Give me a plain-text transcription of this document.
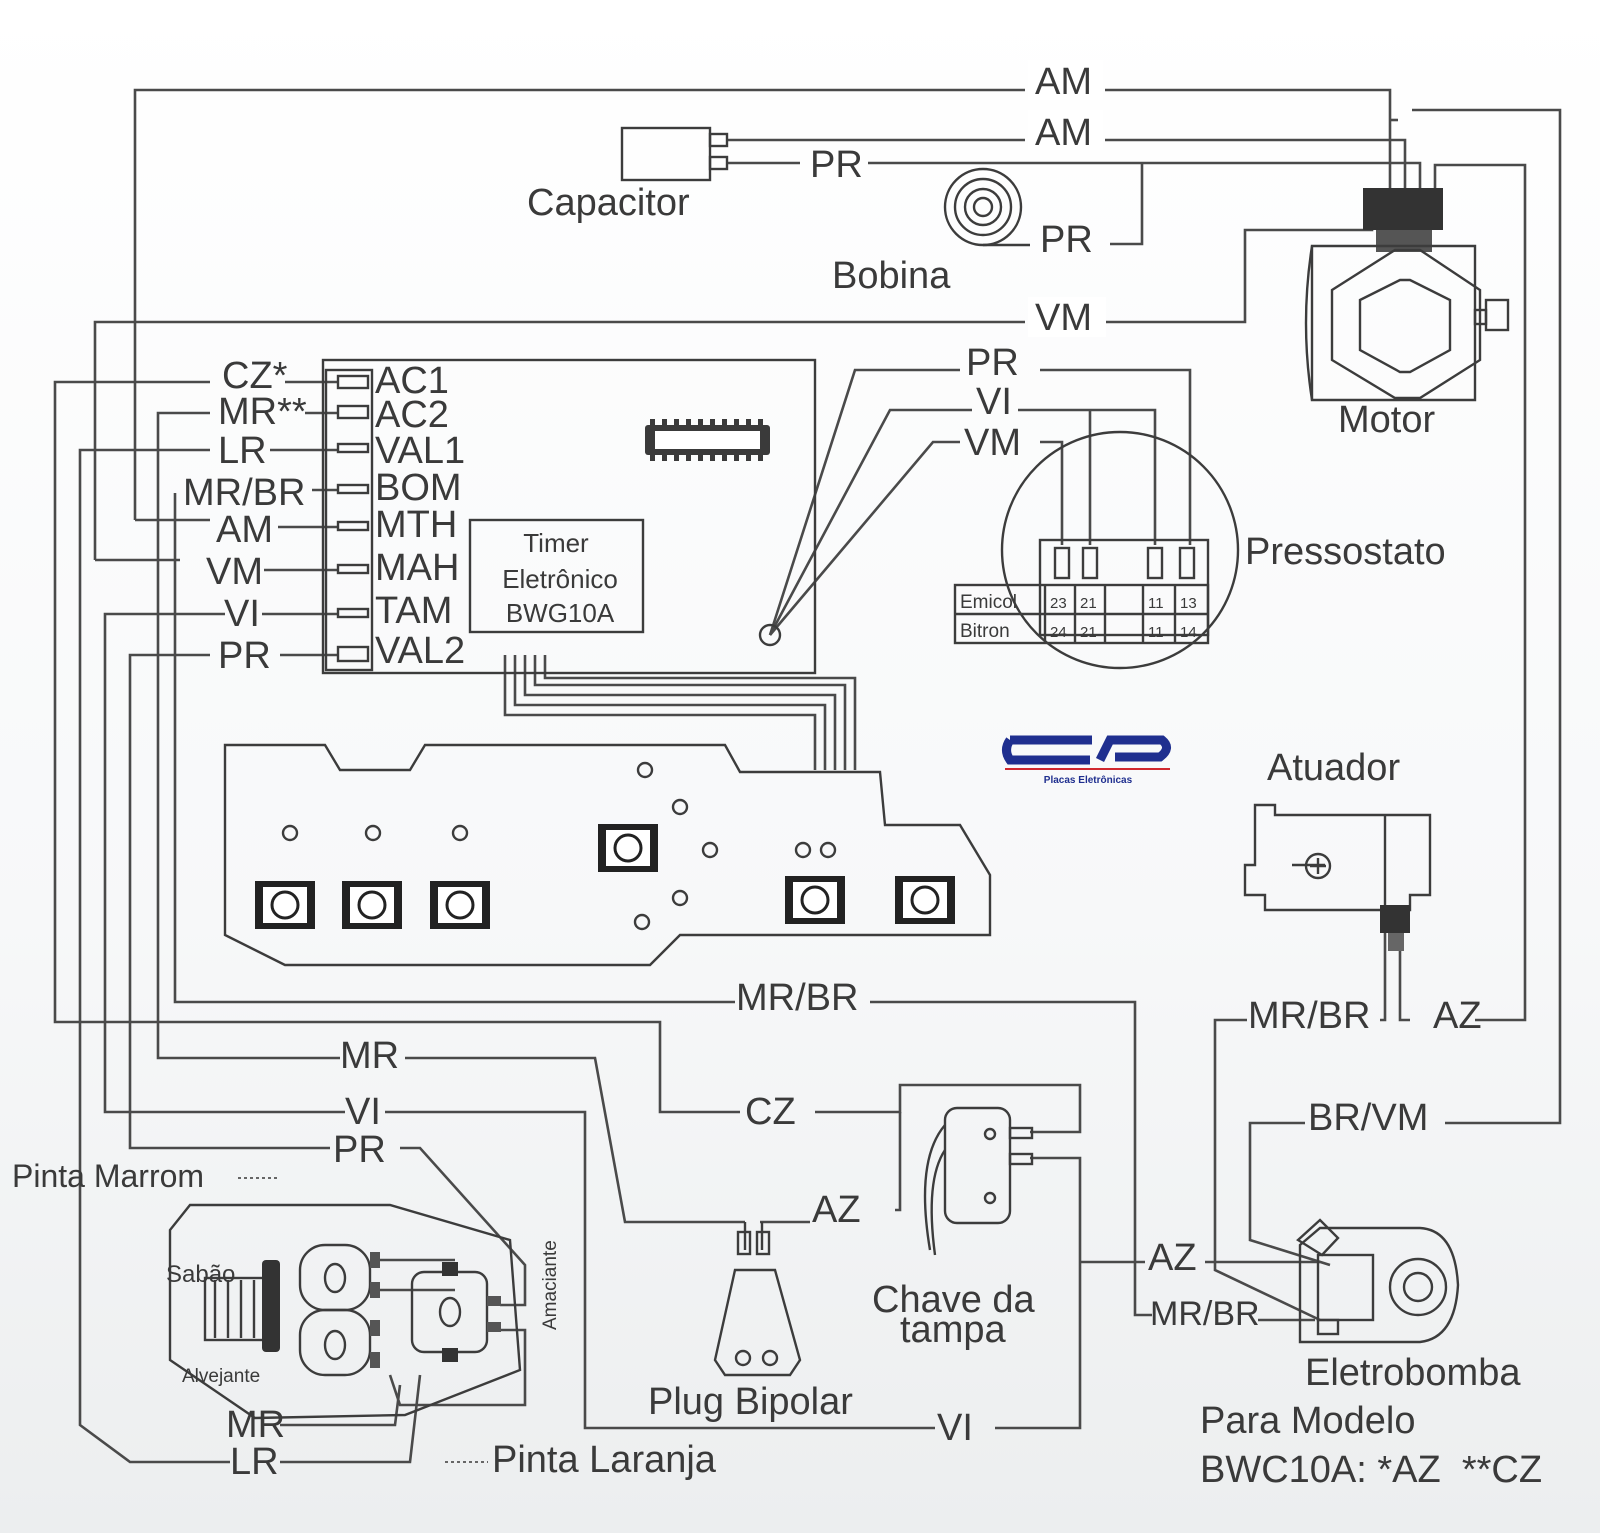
Placas Eletrônicas
AM
AM
PR
PR
VM
PR
VI
VM
CZ*
MR**
LR
MR/BR
AM
VM
VI
PR
MR/BR	MR/BR AZ
MR
CZ
VI
PR
AZ
BR/VM
AZ
MR/BR
VI
MR
LR
AC1
AC2
VAL1
BOM
MTH
MAH
TAM
VAL2
Capacitor
Bobina
Motor
Pressostato
Atuador
Timer
Eletrônico
BWG10A
Plug Bipolar
Chave da
tampa
Eletrobomba
Pinta Marrom
Pinta Laranja
Sabão
Alvejante
Amaciante
Emicol 23 21	11 13
Bitron	24 21	11 14
Para Modelo
BWC10A: *AZ  **CZ
